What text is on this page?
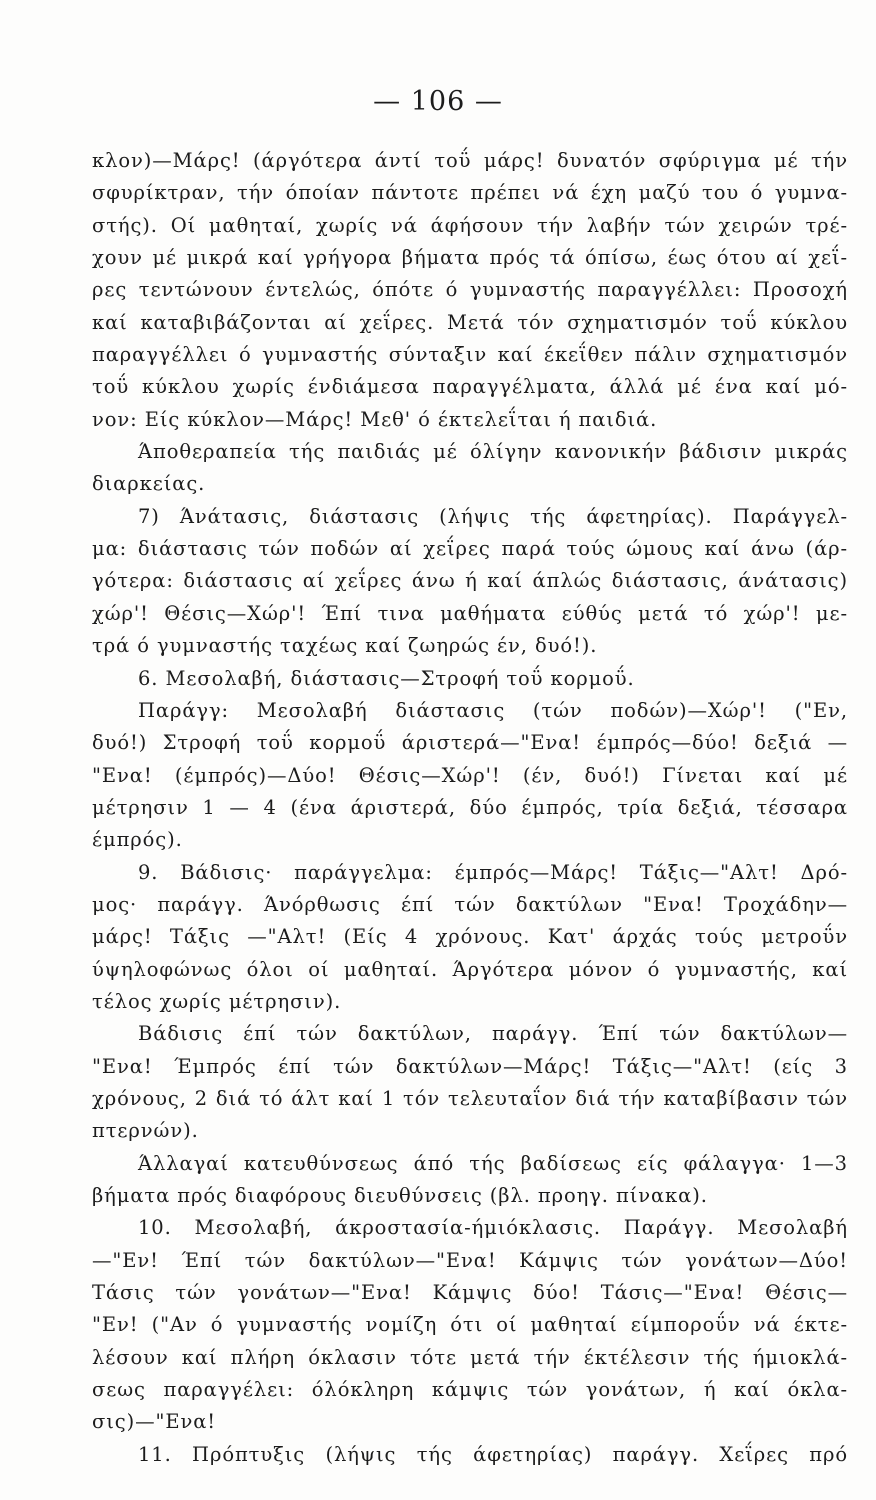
— 106 —
κλον)—Μάρς! (άργότερα άντί τοΰ μάρς! δυνατόν σφύριγμα μέ τήν
σφυρίκτραν, τήν όποίαν πάντοτε πρέπει νά έχη μαζύ του ό γυμνα-
στής). Οί μαθηταί, χωρίς νά άφήσουν τήν λαβήν τών χειρών τρέ-
χουν μέ μικρά καί γρήγορα βήματα πρός τά όπίσω, έως ότου αί χεΐ-
ρες τεντώνουν έντελώς, όπότε ό γυμναστής παραγγέλλει: Προσοχή
καί καταβιβάζονται αί χεΐρες. Μετά τόν σχηματισμόν τοΰ κύκλου
παραγγέλλει ό γυμναστής σύνταξιν καί έκεΐθεν πάλιν σχηματισμόν
τοΰ κύκλου χωρίς ένδιάμεσα παραγγέλματα, άλλά μέ ένα καί μό-
νον: Είς κύκλον—Μάρς! Μεθ' ό έκτελεΐται ή παιδιά.
Άποθεραπεία τής παιδιάς μέ όλίγην κανονικήν βάδισιν μικράς
διαρκείας.
7) Άνάτασις, διάστασις (λήψις τής άφετηρίας). Παράγγελ-
μα: διάστασις τών ποδών αί χεΐρες παρά τούς ώμους καί άνω (άρ-
γότερα: διάστασις αί χεΐρες άνω ή καί άπλώς διάστασις, άνάτασις)
χώρ'! Θέσις—Χώρ'! Έπί τινα μαθήματα εύθύς μετά τό χώρ'! με-
τρά ό γυμναστής ταχέως καί ζωηρώς έν, δυό!).
6. Μεσολαβή, διάστασις—Στροφή τοΰ κορμοΰ.
Παράγγ: Μεσολαβή διάστασις (τών ποδών)—Χώρ'! ("Εν,
δυό!) Στροφή τοΰ κορμοΰ άριστερά—"Ενα! έμπρός—δύο! δεξιά —
"Ενα! (έμπρός)—Δύο! Θέσις—Χώρ'! (έν, δυό!) Γίνεται καί μέ
μέτρησιν 1 — 4 (ένα άριστερά, δύο έμπρός, τρία δεξιά, τέσσαρα
έμπρός).
9. Βάδισις· παράγγελμα: έμπρός—Μάρς! Τάξις—"Αλτ! Δρό-
μος· παράγγ. Άνόρθωσις έπί τών δακτύλων "Ενα! Τροχάδην—
μάρς! Τάξις —"Αλτ! (Είς 4 χρόνους. Κατ' άρχάς τούς μετροΰν
ύψηλοφώνως όλοι οί μαθηταί. Άργότερα μόνον ό γυμναστής, καί
τέλος χωρίς μέτρησιν).
Βάδισις έπί τών δακτύλων, παράγγ. Έπί τών δακτύλων—
"Ενα! Έμπρός έπί τών δακτύλων—Μάρς! Τάξις—"Αλτ! (είς 3
χρόνους, 2 διά τό άλτ καί 1 τόν τελευταΐον διά τήν καταβίβασιν τών
πτερνών).
Άλλαγαί κατευθύνσεως άπό τής βαδίσεως είς φάλαγγα· 1—3
βήματα πρός διαφόρους διευθύνσεις (βλ. προηγ. πίνακα).
10. Μεσολαβή, άκροστασία-ήμιόκλασις. Παράγγ. Μεσολαβή
—"Εν! Έπί τών δακτύλων—"Ενα! Κάμψις τών γονάτων—Δύο!
Τάσις τών γονάτων—"Ενα! Κάμψις δύο! Τάσις—"Ενα! Θέσις—
"Εν! ("Αν ό γυμναστής νομίζη ότι οί μαθηταί είμποροΰν νά έκτε-
λέσουν καί πλήρη όκλασιν τότε μετά τήν έκτέλεσιν τής ήμιοκλά-
σεως παραγγέλει: όλόκληρη κάμψις τών γονάτων, ή καί όκλα-
σις)—"Ενα!
11. Πρόπτυξις (λήψις τής άφετηρίας) παράγγ. Χεΐρες πρό
